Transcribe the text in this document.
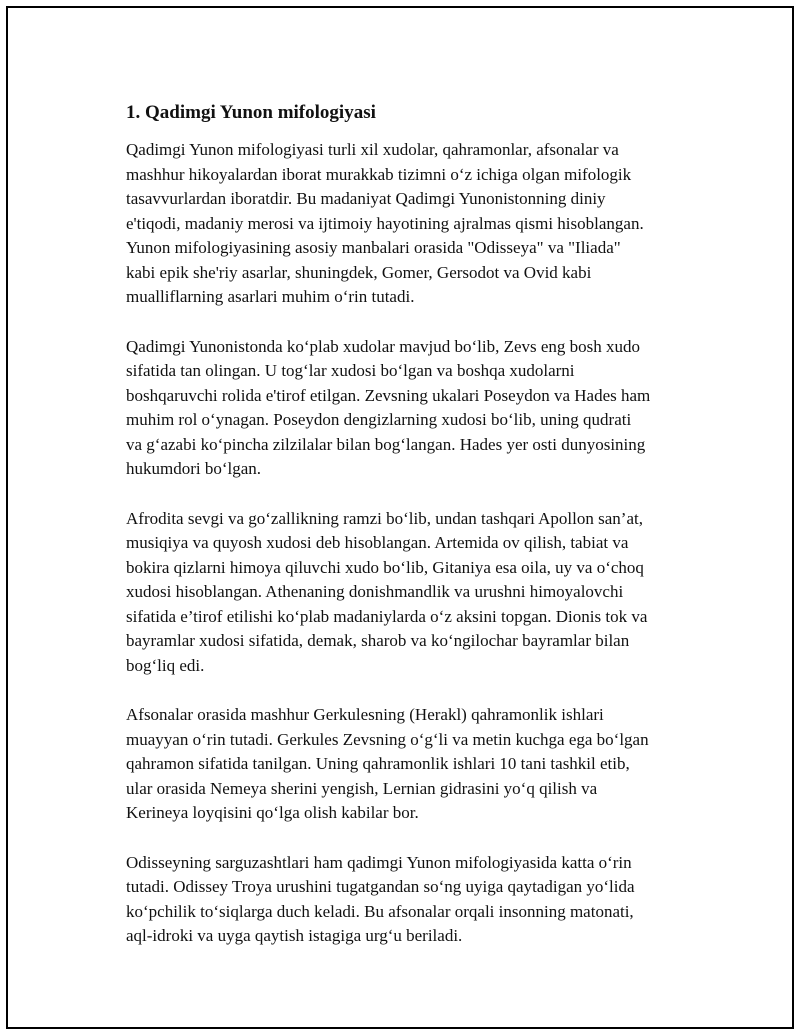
1. Qadimgi Yunon mifologiyasi

Qadimgi Yunon mifologiyasi turli xil xudolar, qahramonlar, afsonalar va
mashhur hikoyalardan iborat murakkab tizimni oʻz ichiga olgan mifologik
tasavvurlardan iboratdir. Bu madaniyat Qadimgi Yunonistonning diniy
e'tiqodi, madaniy merosi va ijtimoiy hayotining ajralmas qismi hisoblangan.
Yunon mifologiyasining asosiy manbalari orasida "Odisseya" va "Iliada"
kabi epik she'riy asarlar, shuningdek, Gomer, Gersodot va Ovid kabi
mualliflarning asarlari muhim oʻrin tutadi.

Qadimgi Yunonistonda koʻplab xudolar mavjud boʻlib, Zevs eng bosh xudo
sifatida tan olingan. U togʻlar xudosi boʻlgan va boshqa xudolarni
boshqaruvchi rolida e'tirof etilgan. Zevsning ukalari Poseydon va Hades ham
muhim rol oʻynagan. Poseydon dengizlarning xudosi boʻlib, uning qudrati
va gʻazabi koʻpincha zilzilalar bilan bogʻlangan. Hades yer osti dunyosining
hukumdori boʻlgan.

Afrodita sevgi va goʻzallikning ramzi boʻlib, undan tashqari Apollon san’at,
musiqiya va quyosh xudosi deb hisoblangan. Artemida ov qilish, tabiat va
bokira qizlarni himoya qiluvchi xudo boʻlib, Gitaniya esa oila, uy va oʻchoq
xudosi hisoblangan. Athenaning donishmandlik va urushni himoyalovchi
sifatida e’tirof etilishi koʻplab madaniylarda oʻz aksini topgan. Dionis tok va
bayramlar xudosi sifatida, demak, sharob va koʻngilochar bayramlar bilan
bogʻliq edi.

Afsonalar orasida mashhur Gerkulesning (Herakl) qahramonlik ishlari
muayyan oʻrin tutadi. Gerkules Zevsning oʻgʻli va metin kuchga ega boʻlgan
qahramon sifatida tanilgan. Uning qahramonlik ishlari 10 tani tashkil etib,
ular orasida Nemeya sherini yengish, Lernian gidrasini yoʻq qilish va
Kerineya loyqisini qoʻlga olish kabilar bor.

Odisseyning sarguzashtlari ham qadimgi Yunon mifologiyasida katta oʻrin
tutadi. Odissey Troya urushini tugatgandan soʻng uyiga qaytadigan yoʻlida
koʻpchilik toʻsiqlarga duch keladi. Bu afsonalar orqali insonning matonati,
aql-idroki va uyga qaytish istagiga urgʻu beriladi.
